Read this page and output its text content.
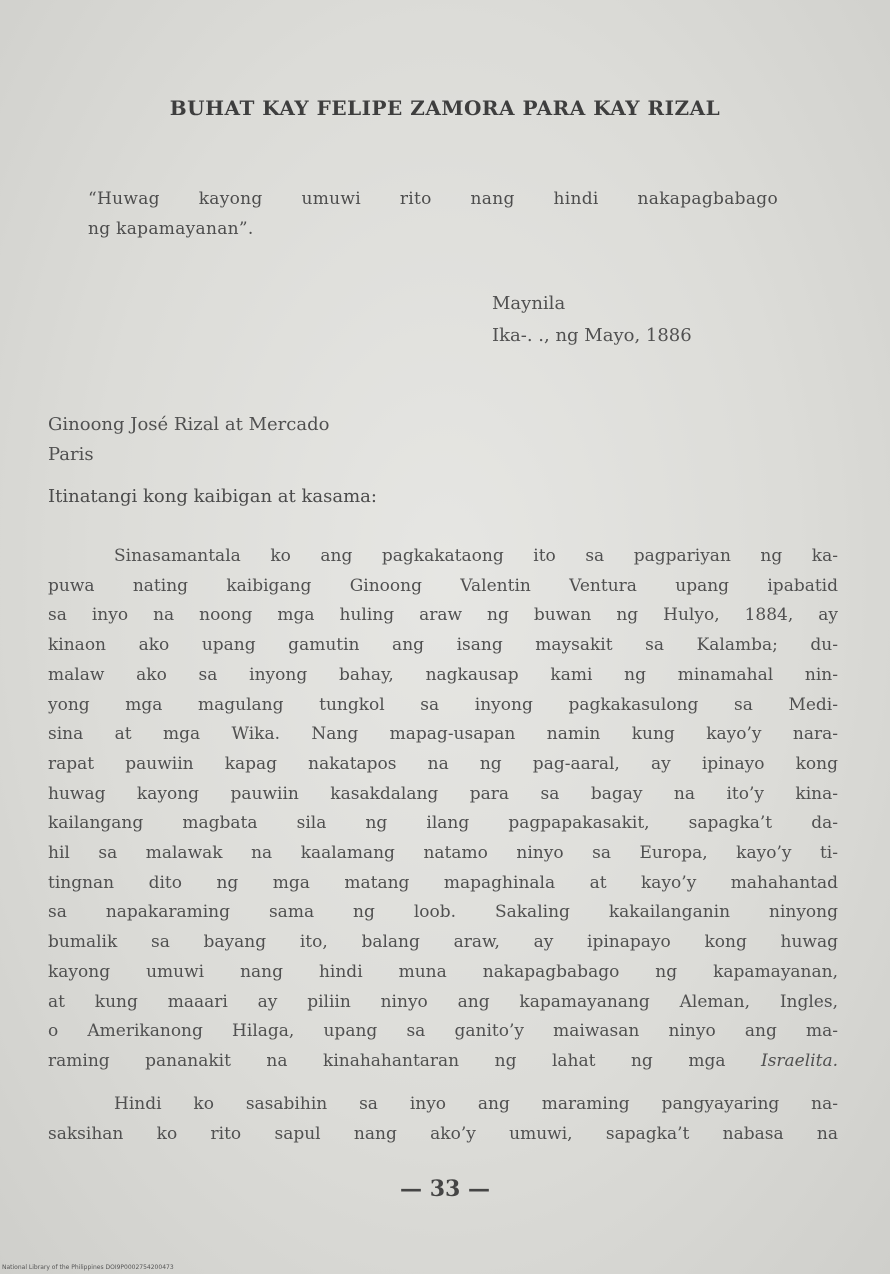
BUHAT KAY FELIPE ZAMORA PARA KAY RIZAL
“Huwag kayong umuwi rito nang hindi nakapagbabago
ng kapamayanan”.
Maynila
Ika-. ., ng Mayo, 1886
Ginoong José Rizal at Mercado
Paris
Itinatangi kong kaibigan at kasama:
Sinasamantala ko ang pagkakataong ito sa pagpariyan ng ka-
puwa nating kaibigang Ginoong Valentin Ventura upang ipabatid
sa inyo na noong mga huling araw ng buwan ng Hulyo, 1884, ay
kinaon ako upang gamutin ang isang maysakit sa Kalamba; du-
malaw ako sa inyong bahay, nagkausap kami ng minamahal nin-
yong mga magulang tungkol sa inyong pagkakasulong sa Medi-
sina at mga Wika. Nang mapag-usapan namin kung kayo’y nara-
rapat pauwiin kapag nakatapos na ng pag-aaral, ay ipinayo kong
huwag kayong pauwiin kasakdalang para sa bagay na ito’y kina-
kailangang magbata sila ng ilang pagpapakasakit, sapagka’t da-
hil sa malawak na kaalamang natamo ninyo sa Europa, kayo’y ti-
tingnan dito ng mga matang mapaghinala at kayo’y mahahantad
sa napakaraming sama ng loob. Sakaling kakailanganin ninyong
bumalik sa bayang ito, balang araw, ay ipinapayo kong huwag
kayong umuwi nang hindi muna nakapagbabago ng kapamayanan,
at kung maaari ay piliin ninyo ang kapamayanang Aleman, Ingles,
o Amerikanong Hilaga, upang sa ganito’y maiwasan ninyo ang ma-
raming pananakit na kinahahantaran ng lahat ng mga Israelita.
Hindi ko sasabihin sa inyo ang maraming pangyayaring na-
saksihan ko rito sapul nang ako’y umuwi, sapagka’t nabasa na
— 33 —
National Library of the Philippines DOI9P0002754200473
